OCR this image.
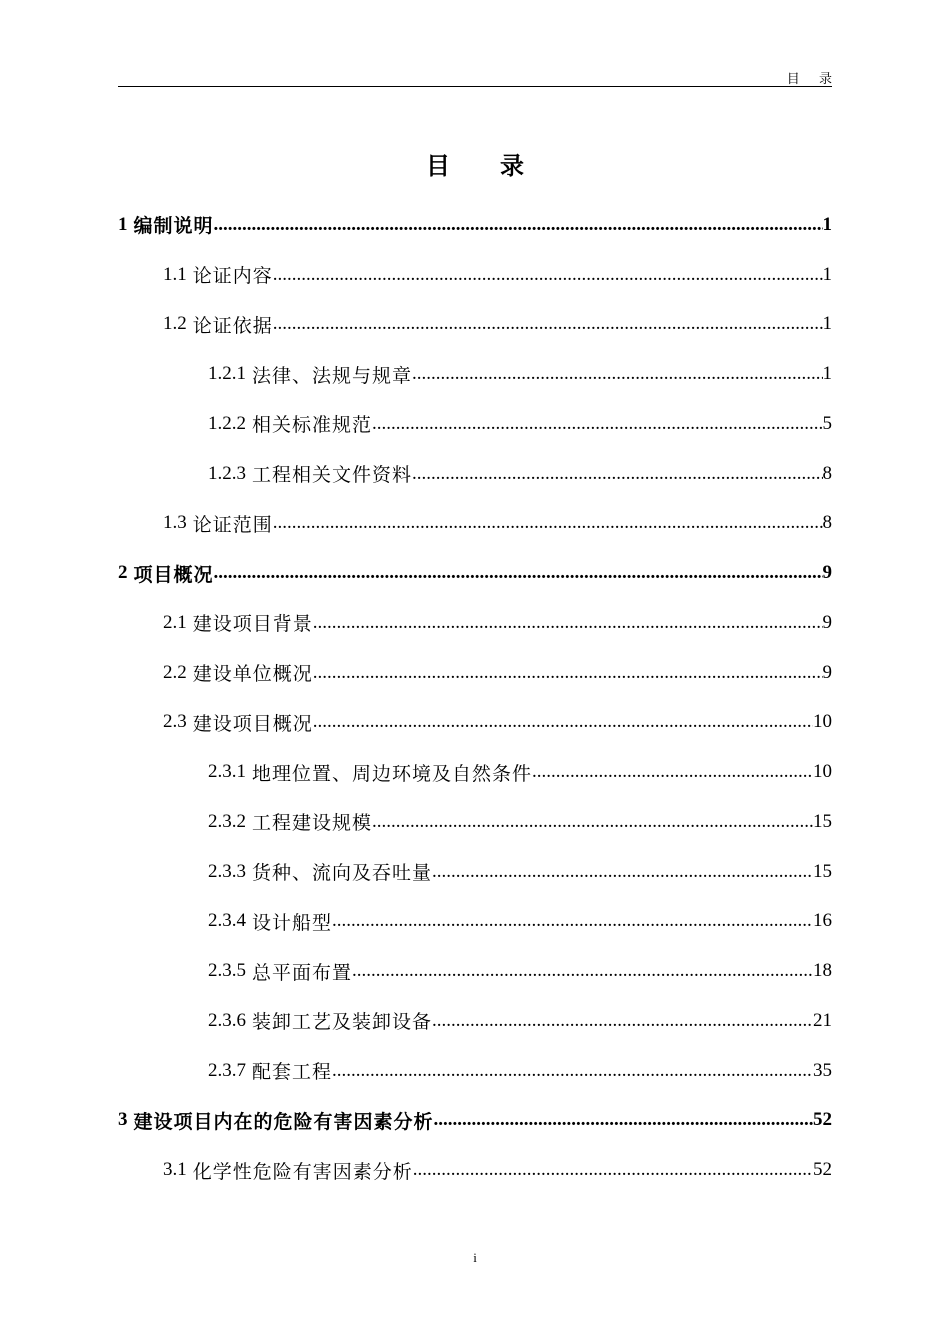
目 录
目 录
1 编制说明 .....	1
1.1 论证内容 .....	1
1.2 论证依据 .....	1
1.2.1 法律、法规与规章 .....	1
1.2.2 相关标准规范 .....	5
1.2.3 工程相关文件资料 .....	8
1.3 论证范围 .....	8
2 项目概况 .....	9
2.1 建设项目背景 .....	9
2.2 建设单位概况 .....	9
2.3 建设项目概况 .....	10
2.3.1 地理位置、周边环境及自然条件 .....	10
2.3.2 工程建设规模 .....	15
2.3.3 货种、流向及吞吐量 .....	15
2.3.4 设计船型 .....	16
2.3.5 总平面布置 .....	18
2.3.6 装卸工艺及装卸设备 .....	21
2.3.7 配套工程 .....	35
3 建设项目内在的危险有害因素分析 .....	52
3.1 化学性危险有害因素分析 .....	52
i
